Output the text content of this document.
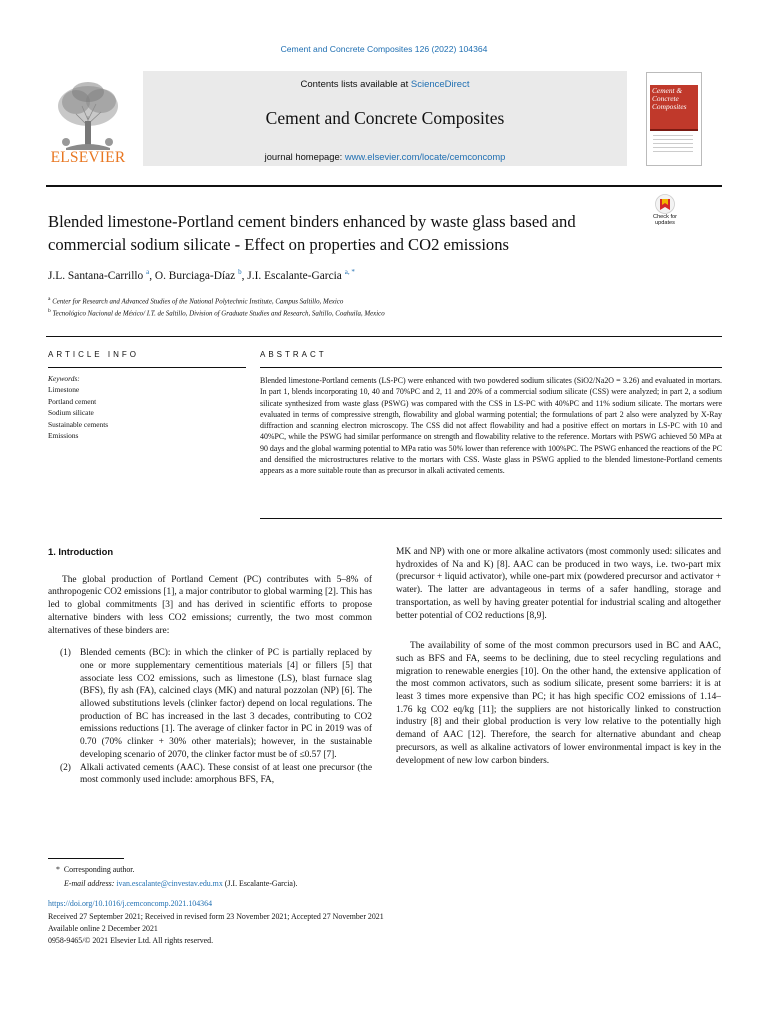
Cement and Concrete Composites 126 (2022) 104364
Contents lists available at ScienceDirect
Cement and Concrete Composites
journal homepage: www.elsevier.com/locate/cemconcomp
ELSEVIER
Cement & Concrete Composites
Check for updates
Blended limestone-Portland cement binders enhanced by waste glass based and commercial sodium silicate - Effect on properties and CO2 emissions
J.L. Santana-Carrillo $^a$, O. Burciaga-Díaz $^b$, J.I. Escalante-Garcia $^{a, *}$
$^a$ Center for Research and Advanced Studies of the National Polytechnic Institute, Campus Saltillo, Mexico
$^b$ Tecnológico Nacional de México/ I.T. de Saltillo, Division of Graduate Studies and Research, Saltillo, Coahuila, Mexico
ARTICLE INFO	ABSTRACT
Keywords:
Limestone
Portland cement
Sodium silicate
Sustainable cements
Emissions
Blended limestone-Portland cements (LS-PC) were enhanced with two powdered sodium silicates (SiO2/Na2O = 3.26) and evaluated in mortars. In part 1, blends incorporating 10, 40 and 70%PC and 2, 11 and 20% of a commercial sodium silicate (CSS) were analyzed; in part 2, a sodium silicate synthesized from waste glass (PSWG) was compared with the CSS in LS-PC with 40%PC and 11% sodium silicate. The mortars were evaluated in terms of compressive strength, flowability and global warming potential; the formulations of part 2 also were analyzed by X-Ray diffraction and scanning electron microscopy. The CSS did not affect flowability and had a positive effect on mortars in LS-PC with 10 and 40%PC, while the PSWG had similar performance on strength and flowability relative to the reference. Mortars with PSWG achieved 50 MPa at 90 days and the global warming potential to MPa ratio was 50% lower than reference with 100%PC. The PSWG enhanced the reactions of the PC and densified the microstructures relative to the mortars with CSS. Waste glass in PSWG applied to the blended limestone-Portland cements appears as a more suitable route than as precursor in alkali activated cements.
1. Introduction

The global production of Portland Cement (PC) contributes with 5–8% of anthropogenic CO2 emissions [1], a major contributor to global warming [2]. This has led to global commitments [3] and has derived in scientific efforts to propose alternative binders with less CO2 emissions; currently, the two most common alternatives of these binders are:

(1) Blended cements (BC): in which the clinker of PC is partially replaced by one or more supplementary cementitious materials [4] or fillers [5] that associate less CO2 emissions, such as limestone (LS), blast furnace slag (BFS), fly ash (FA), calcined clays (MK) and natural pozzolan (NP) [6]. The allowed substitutions levels (clinker factor) depend on local regulations. The production of BC has increased in the last 3 decades, contributing to CO2 emissions reductions [1]. The average of clinker factor in PC in 2019 was of 0.70 (70% clinker + 30% other materials); however, in the sustainable developing scenario of 2070, the clinker factor must be of ≤0.57 [7].
(2) Alkali activated cements (AAC). These consist of at least one precursor (the most commonly used include: amorphous BFS, FA,

MK and NP) with one or more alkaline activators (most commonly used: silicates and hydroxides of Na and K) [8]. AAC can be produced in two ways, i.e. two-part mix (precursor + liquid activator), while one-part mix (powdered precursor and activator + water). The latter are advantageous in terms of a safer handling, storage and transportation, as well by having greater potential for industrial scaling and altogether better potential of CO2 reductions [8,9].

The availability of some of the most common precursors used in BC and AAC, such as BFS and FA, seems to be declining, due to steel recycling regulations and migration to renewable energies [10]. On the other hand, the extensive application of the most common activators, such as sodium silicate, present some barriers: it is at least 3 times more expensive than PC; it has high specific CO2 emissions of 1.14–1.76 kg CO2 eq/kg [11]; the suppliers are not historically linked to construction industry [8] and their global production is very low relative to the potentially high demand of AAC [12]. Therefore, the search for alternative abundant and cheap precursors, as well as alkaline activators of lower environmental impact is key in the development of new low carbon binders.

* Corresponding author.
E-mail address: ivan.escalante@cinvestav.edu.mx (J.I. Escalante-Garcia).
https://doi.org/10.1016/j.cemconcomp.2021.104364
Received 27 September 2021; Received in revised form 23 November 2021; Accepted 27 November 2021
Available online 2 December 2021
0958-9465/© 2021 Elsevier Ltd. All rights reserved.
